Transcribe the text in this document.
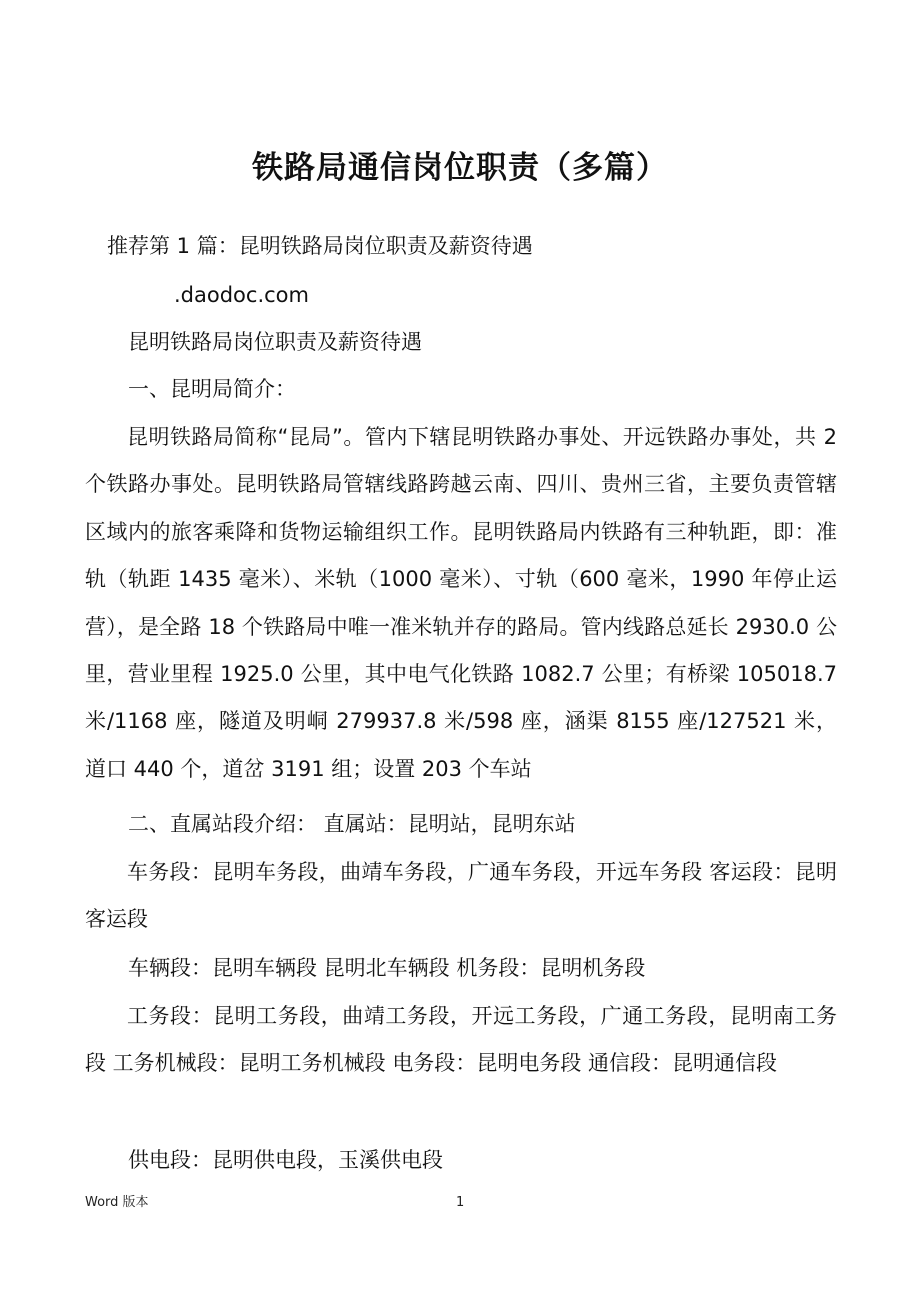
铁路局通信岗位职责（多篇）
推荐第 1 篇：昆明铁路局岗位职责及薪资待遇
.daodoc.com
昆明铁路局岗位职责及薪资待遇
一、昆明局简介：
昆明铁路局简称“昆局”。管内下辖昆明铁路办事处、开远铁路办事处，共 2 个铁路办事处。昆明铁路局管辖线路跨越云南、四川、贵州三省，主要负责管辖区域内的旅客乘降和货物运输组织工作。昆明铁路局内铁路有三种轨距，即：准轨（轨距 1435 毫米）、米轨（1000 毫米）、寸轨（600 毫米，1990 年停止运营），是全路 18 个铁路局中唯一准米轨并存的路局。管内线路总延长 2930.0 公里，营业里程 1925.0 公里，其中电气化铁路 1082.7 公里；有桥梁 105018.7 米/1168 座，隧道及明峒 279937.8 米/598 座，涵渠 8155 座/127521 米，道口 440 个，道岔 3191 组；设置 203 个车站
二、直属站段介绍： 直属站：昆明站，昆明东站
车务段：昆明车务段，曲靖车务段，广通车务段，开远车务段 客运段：昆明客运段
车辆段：昆明车辆段 昆明北车辆段 机务段：昆明机务段
工务段：昆明工务段，曲靖工务段，开远工务段，广通工务段，昆明南工务段 工务机械段：昆明工务机械段 电务段：昆明电务段 通信段：昆明通信段
供电段：昆明供电段，玉溪供电段
Word 版本	1
